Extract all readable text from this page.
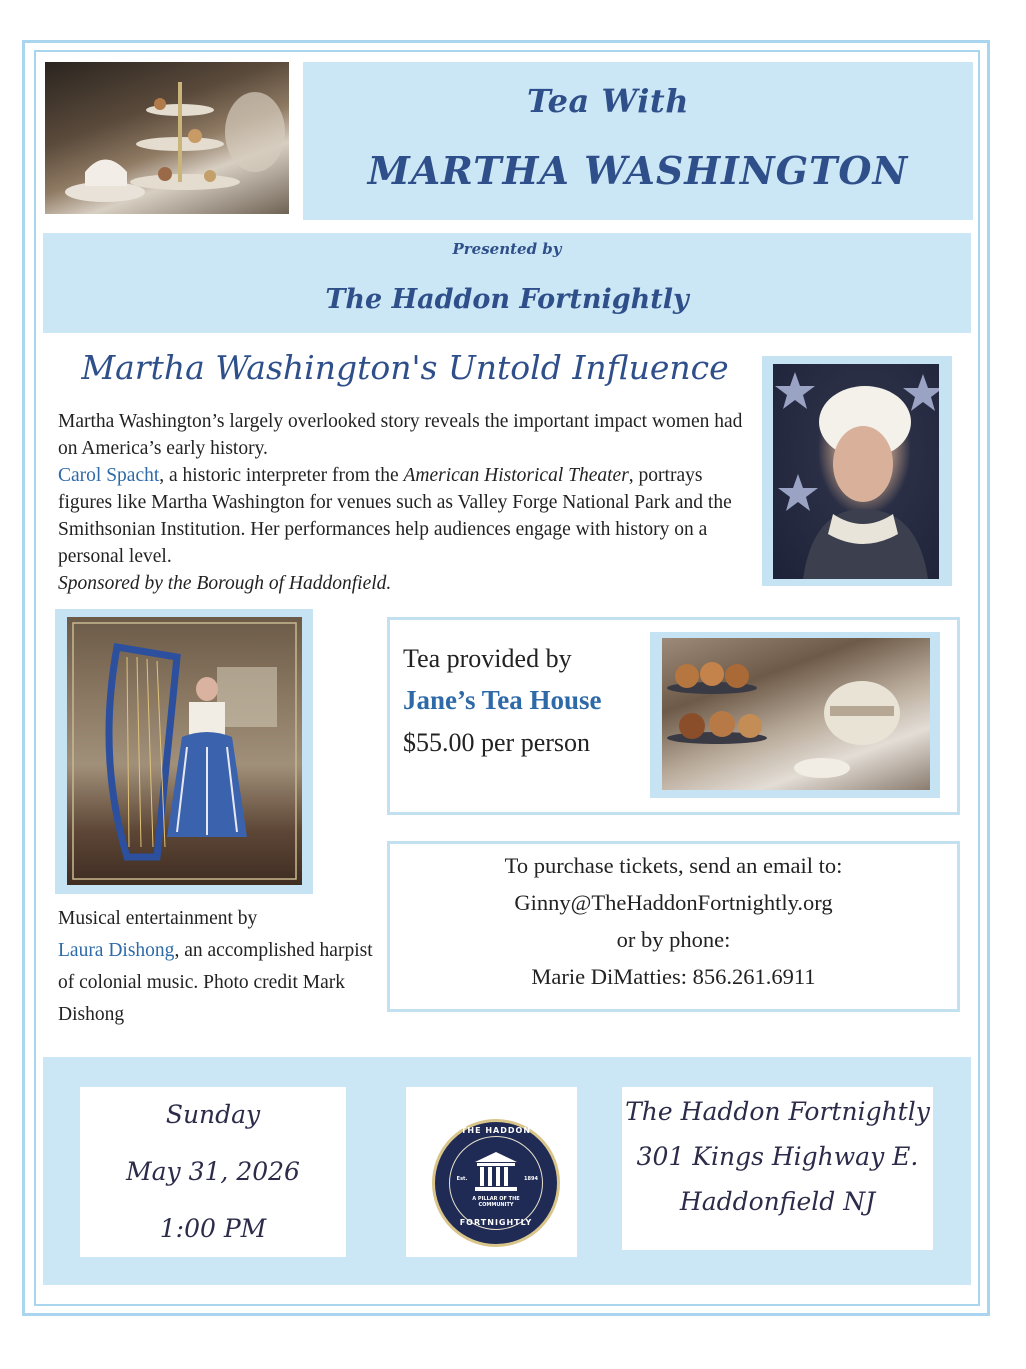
Tea With
MARTHA WASHINGTON
Presented by
The Haddon Fortnightly
Martha Washington's Untold Influence
Martha Washington’s largely overlooked story reveals the important impact women had on America’s early history.
Carol Spacht, a historic interpreter from the American Historical Theater, portrays figures like Martha Washington for venues such as Valley Forge National Park and the Smithsonian Institution. Her performances help audiences engage with history on a personal level.
Sponsored by the Borough of Haddonfield.
Musical entertainment by
Laura Dishong, an accomplished harpist of colonial music. Photo credit Mark Dishong
Tea provided by
Jane’s Tea House
$55.00 per person
To purchase tickets, send an email to:
Ginny@TheHaddonFortnightly.org
or by phone:
Marie DiMatties: 856.261.6911
Sunday
May 31, 2026
1:00 PM
THE HADDON
Est.	1894
A PILLAR OF THE COMMUNITY
FORTNIGHTLY
The Haddon Fortnightly
301 Kings Highway E.
Haddonfield NJ
